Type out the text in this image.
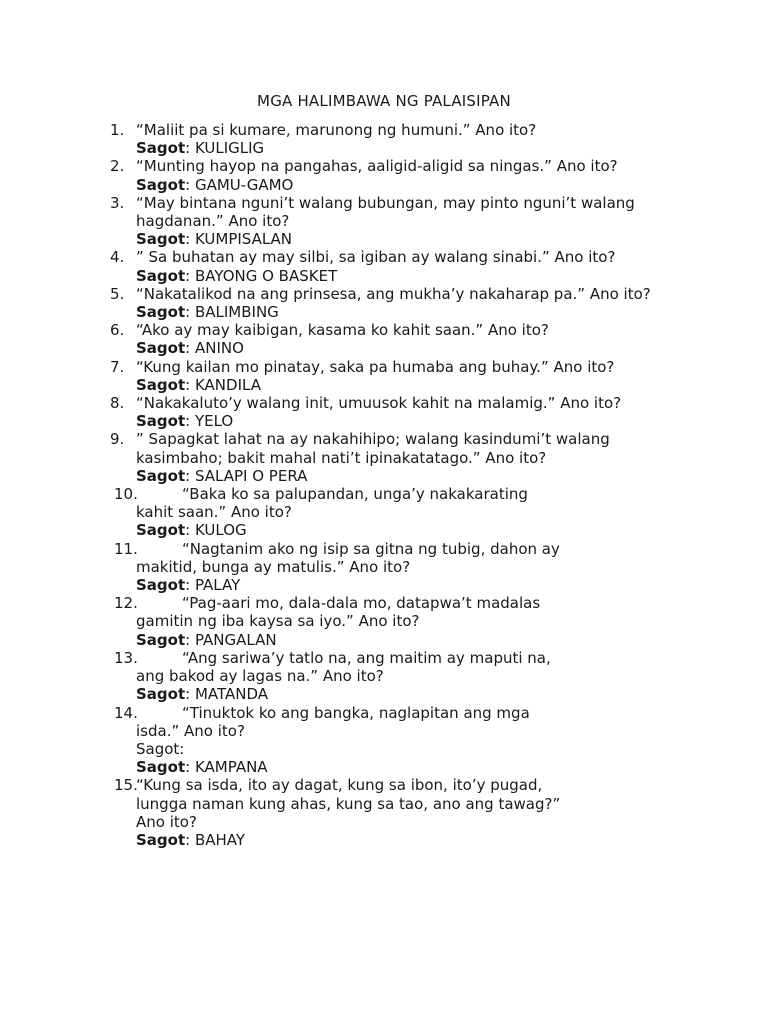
MGA HALIMBAWA NG PALAISIPAN
1. “Maliit pa si kumare, marunong ng humuni.” Ano ito?
Sagot: KULIGLIG
2. “Munting hayop na pangahas, aaligid-aligid sa ningas.” Ano ito?
Sagot: GAMU-GAMO
3. “May bintana nguni’t walang bubungan, may pinto nguni’t walang hagdanan.” Ano ito?
Sagot: KUMPISALAN
4. ” Sa buhatan ay may silbi, sa igiban ay walang sinabi.” Ano ito?
Sagot: BAYONG O BASKET
5. “Nakatalikod na ang prinsesa, ang mukha’y nakaharap pa.” Ano ito?
Sagot: BALIMBING
6. “Ako ay may kaibigan, kasama ko kahit saan.” Ano ito?
Sagot: ANINO
7. “Kung kailan mo pinatay, saka pa humaba ang buhay.” Ano ito?
Sagot: KANDILA
8. “Nakakaluto’y walang init, umuusok kahit na malamig.” Ano ito?
Sagot: YELO
9. ” Sapagkat lahat na ay nakahihipo; walang kasindumi’t walang kasimbaho; bakit mahal nati’t ipinakatatago.” Ano ito?
Sagot: SALAPI O PERA
10.	“Baka ko sa palupandan, unga’y nakakarating kahit saan.” Ano ito?
Sagot: KULOG
11.	“Nagtanim ako ng isip sa gitna ng tubig, dahon ay makitid, bunga ay matulis.” Ano ito?
Sagot: PALAY
12.	“Pag-aari mo, dala-dala mo, datapwa’t madalas gamitin ng iba kaysa sa iyo.” Ano ito?
Sagot: PANGALAN
13.	“Ang sariwa’y tatlo na, ang maitim ay maputi na, ang bakod ay lagas na.” Ano ito?
Sagot: MATANDA
14.	“Tinuktok ko ang bangka, naglapitan ang mga isda.” Ano ito?
Sagot:
Sagot: KAMPANA
15.
“Kung sa isda, ito ay dagat, kung sa ibon, ito’y pugad, lungga naman kung ahas, kung sa tao, ano ang tawag?” Ano ito?
Sagot: BAHAY
